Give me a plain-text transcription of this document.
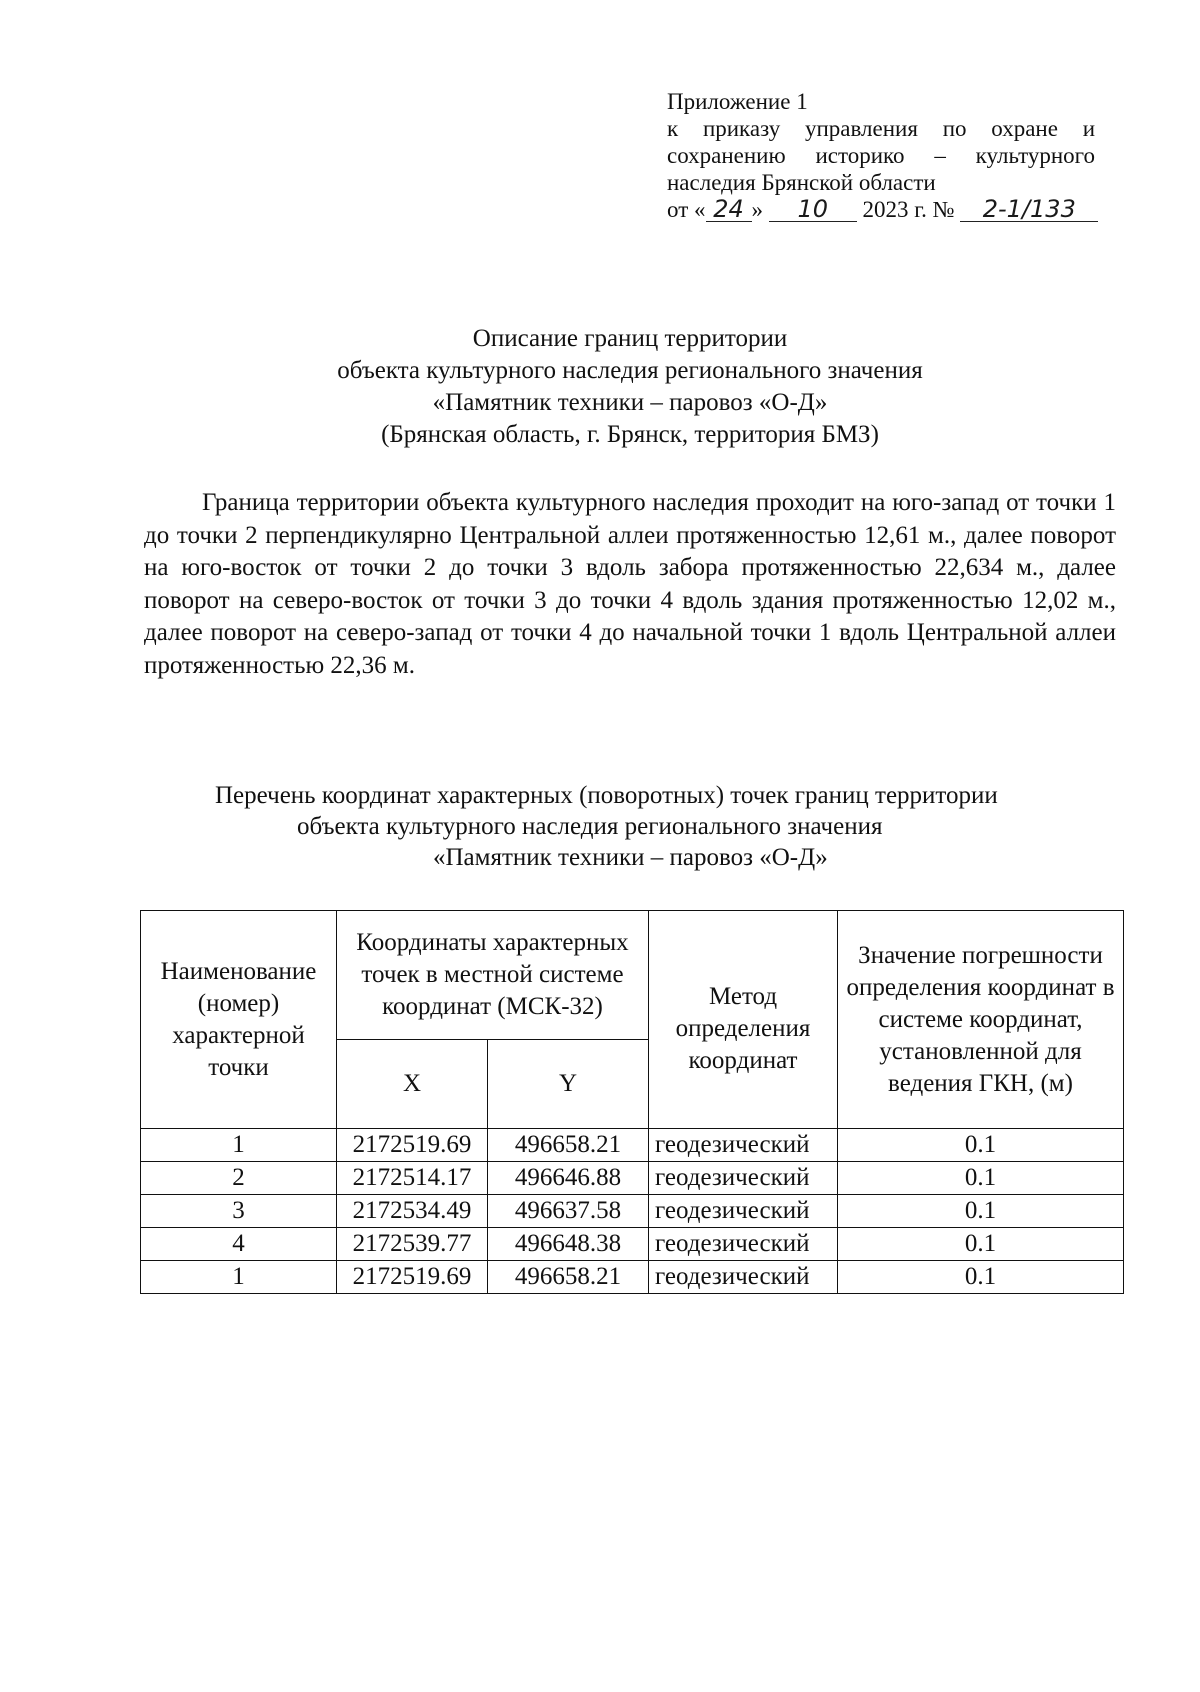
Приложение 1
к приказу управления по охране и
сохранению историко – культурного
наследия Брянской области
от « 24 » 10 2023 г. № 2-1/133
Описание границ территории
объекта культурного наследия регионального значения
«Памятник техники – паровоз «О-Д»
(Брянская область, г. Брянск, территория БМЗ)

Граница территории объекта культурного наследия проходит на юго-запад от точки 1 до точки 2 перпендикулярно Центральной аллеи протяженностью 12,61 м., далее поворот на юго-восток от точки 2 до точки 3 вдоль забора протяженностью 22,634 м., далее поворот на северо-восток от точки 3 до точки 4 вдоль здания протяженностью 12,02 м., далее поворот на северо-запад от точки 4 до начальной точки 1 вдоль Центральной аллеи протяженностью 22,36 м.

Перечень координат характерных (поворотных) точек границ территории
объекта культурного наследия регионального значения
«Памятник техники – паровоз «О-Д»
Наименование (номер) характерной точки	Координаты характерных точек в местной системе координат (МСК-32)		Метод определения координат	Значение погрешности определения координат в системе координат, установленной для ведения ГКН, (м)
	X	Y		
1	2172519.69	496658.21	геодезический	0.1
2	2172514.17	496646.88	геодезический	0.1
3	2172534.49	496637.58	геодезический	0.1
4	2172539.77	496648.38	геодезический	0.1
1	2172519.69	496658.21	геодезический	0.1
